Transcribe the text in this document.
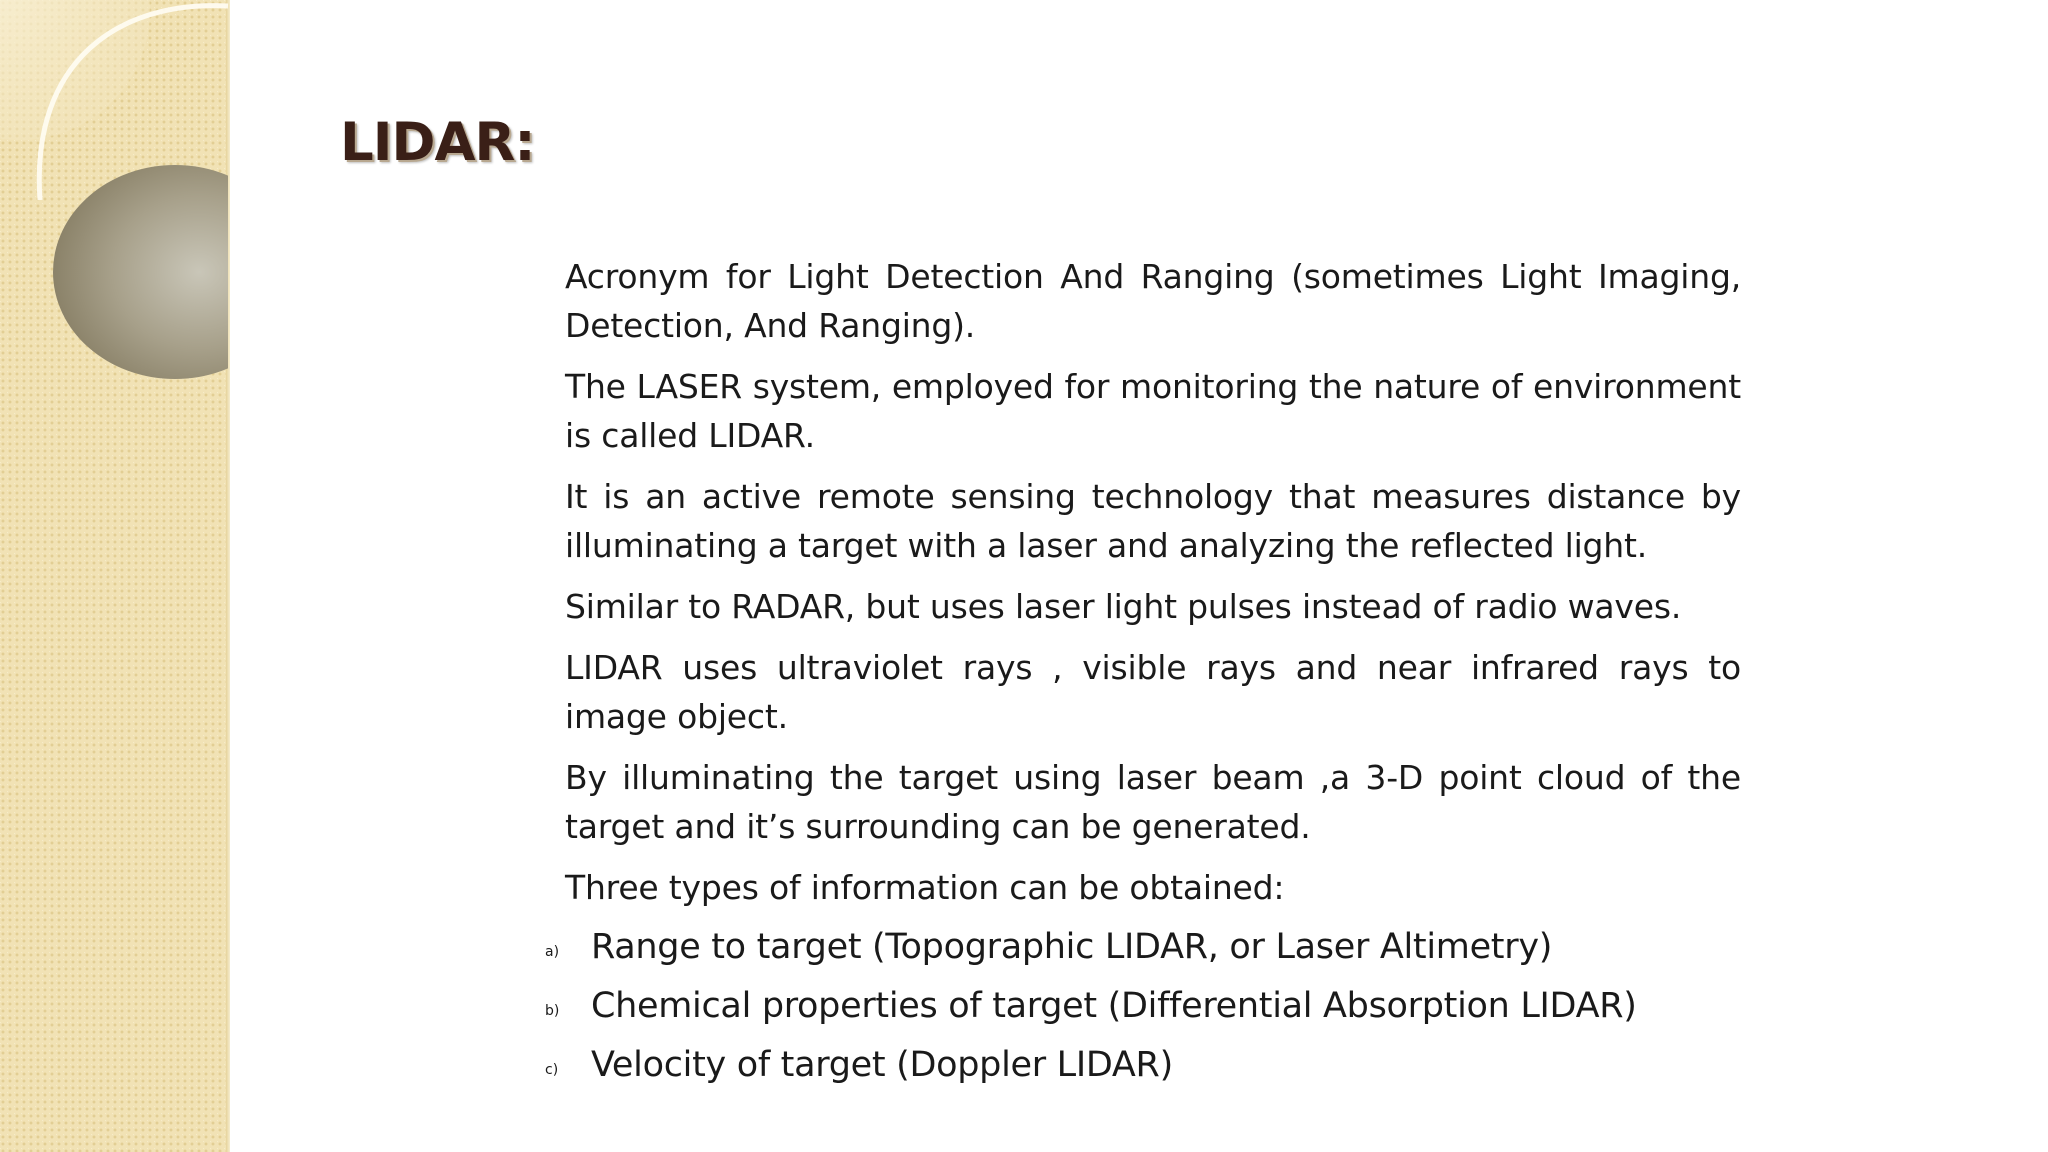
LIDAR:

Acronym for Light Detection And Ranging (sometimes Light Imaging, Detection, And Ranging).

The LASER system, employed for monitoring the nature of environment is called LIDAR.

It is an active remote sensing technology that measures distance by illuminating a target with a laser and analyzing the reflected light.

Similar to RADAR, but uses laser light pulses instead of radio waves.

LIDAR uses ultraviolet rays , visible rays and near infrared rays to image object.

By illuminating the target using laser beam ,a 3-D point cloud of the target and it’s surrounding can be generated.

Three types of information can be obtained:

a) Range to target (Topographic LIDAR, or Laser Altimetry)
b) Chemical properties of target (Differential Absorption LIDAR)
c) Velocity of target (Doppler LIDAR)
